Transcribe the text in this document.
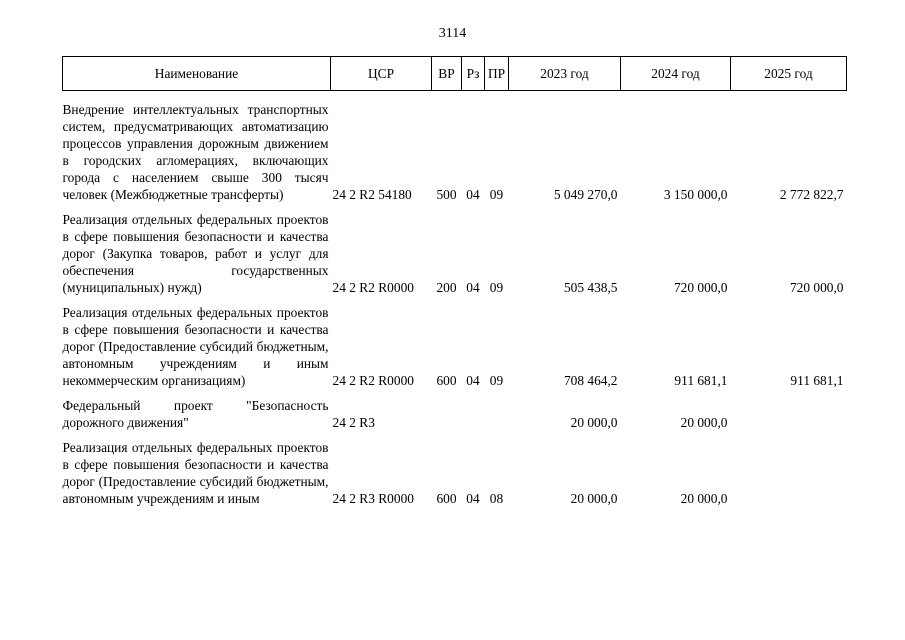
3114
Наименование	ЦСР	ВР	Рз	ПР	2023 год	2024 год	2025 год
Внедрение интеллектуальных транспортных систем, предусматривающих автоматизацию процессов управления дорожным движением в городских агломерациях, включающих города с населением свыше 300 тысяч человек (Межбюджетные трансферты)	24 2 R2 54180	500	04	09	5 049 270,0	3 150 000,0	2 772 822,7
Реализация отдельных федеральных проектов в сфере повышения безопасности и качества дорог (Закупка товаров, работ и услуг для обеспечения государственных (муниципальных) нужд)	24 2 R2 R0000	200	04	09	505 438,5	720 000,0	720 000,0
Реализация отдельных федеральных проектов в сфере повышения безопасности и качества дорог (Предоставление субсидий бюджетным, автономным учреждениям и иным некоммерческим организациям)	24 2 R2 R0000	600	04	09	708 464,2	911 681,1	911 681,1
Федеральный проект "Безопасность дорожного движения"	24 2 R3				20 000,0	20 000,0	
Реализация отдельных федеральных проектов в сфере повышения безопасности и качества дорог (Предоставление субсидий бюджетным, автономным учреждениям и иным	24 2 R3 R0000	600	04	08	20 000,0	20 000,0	
